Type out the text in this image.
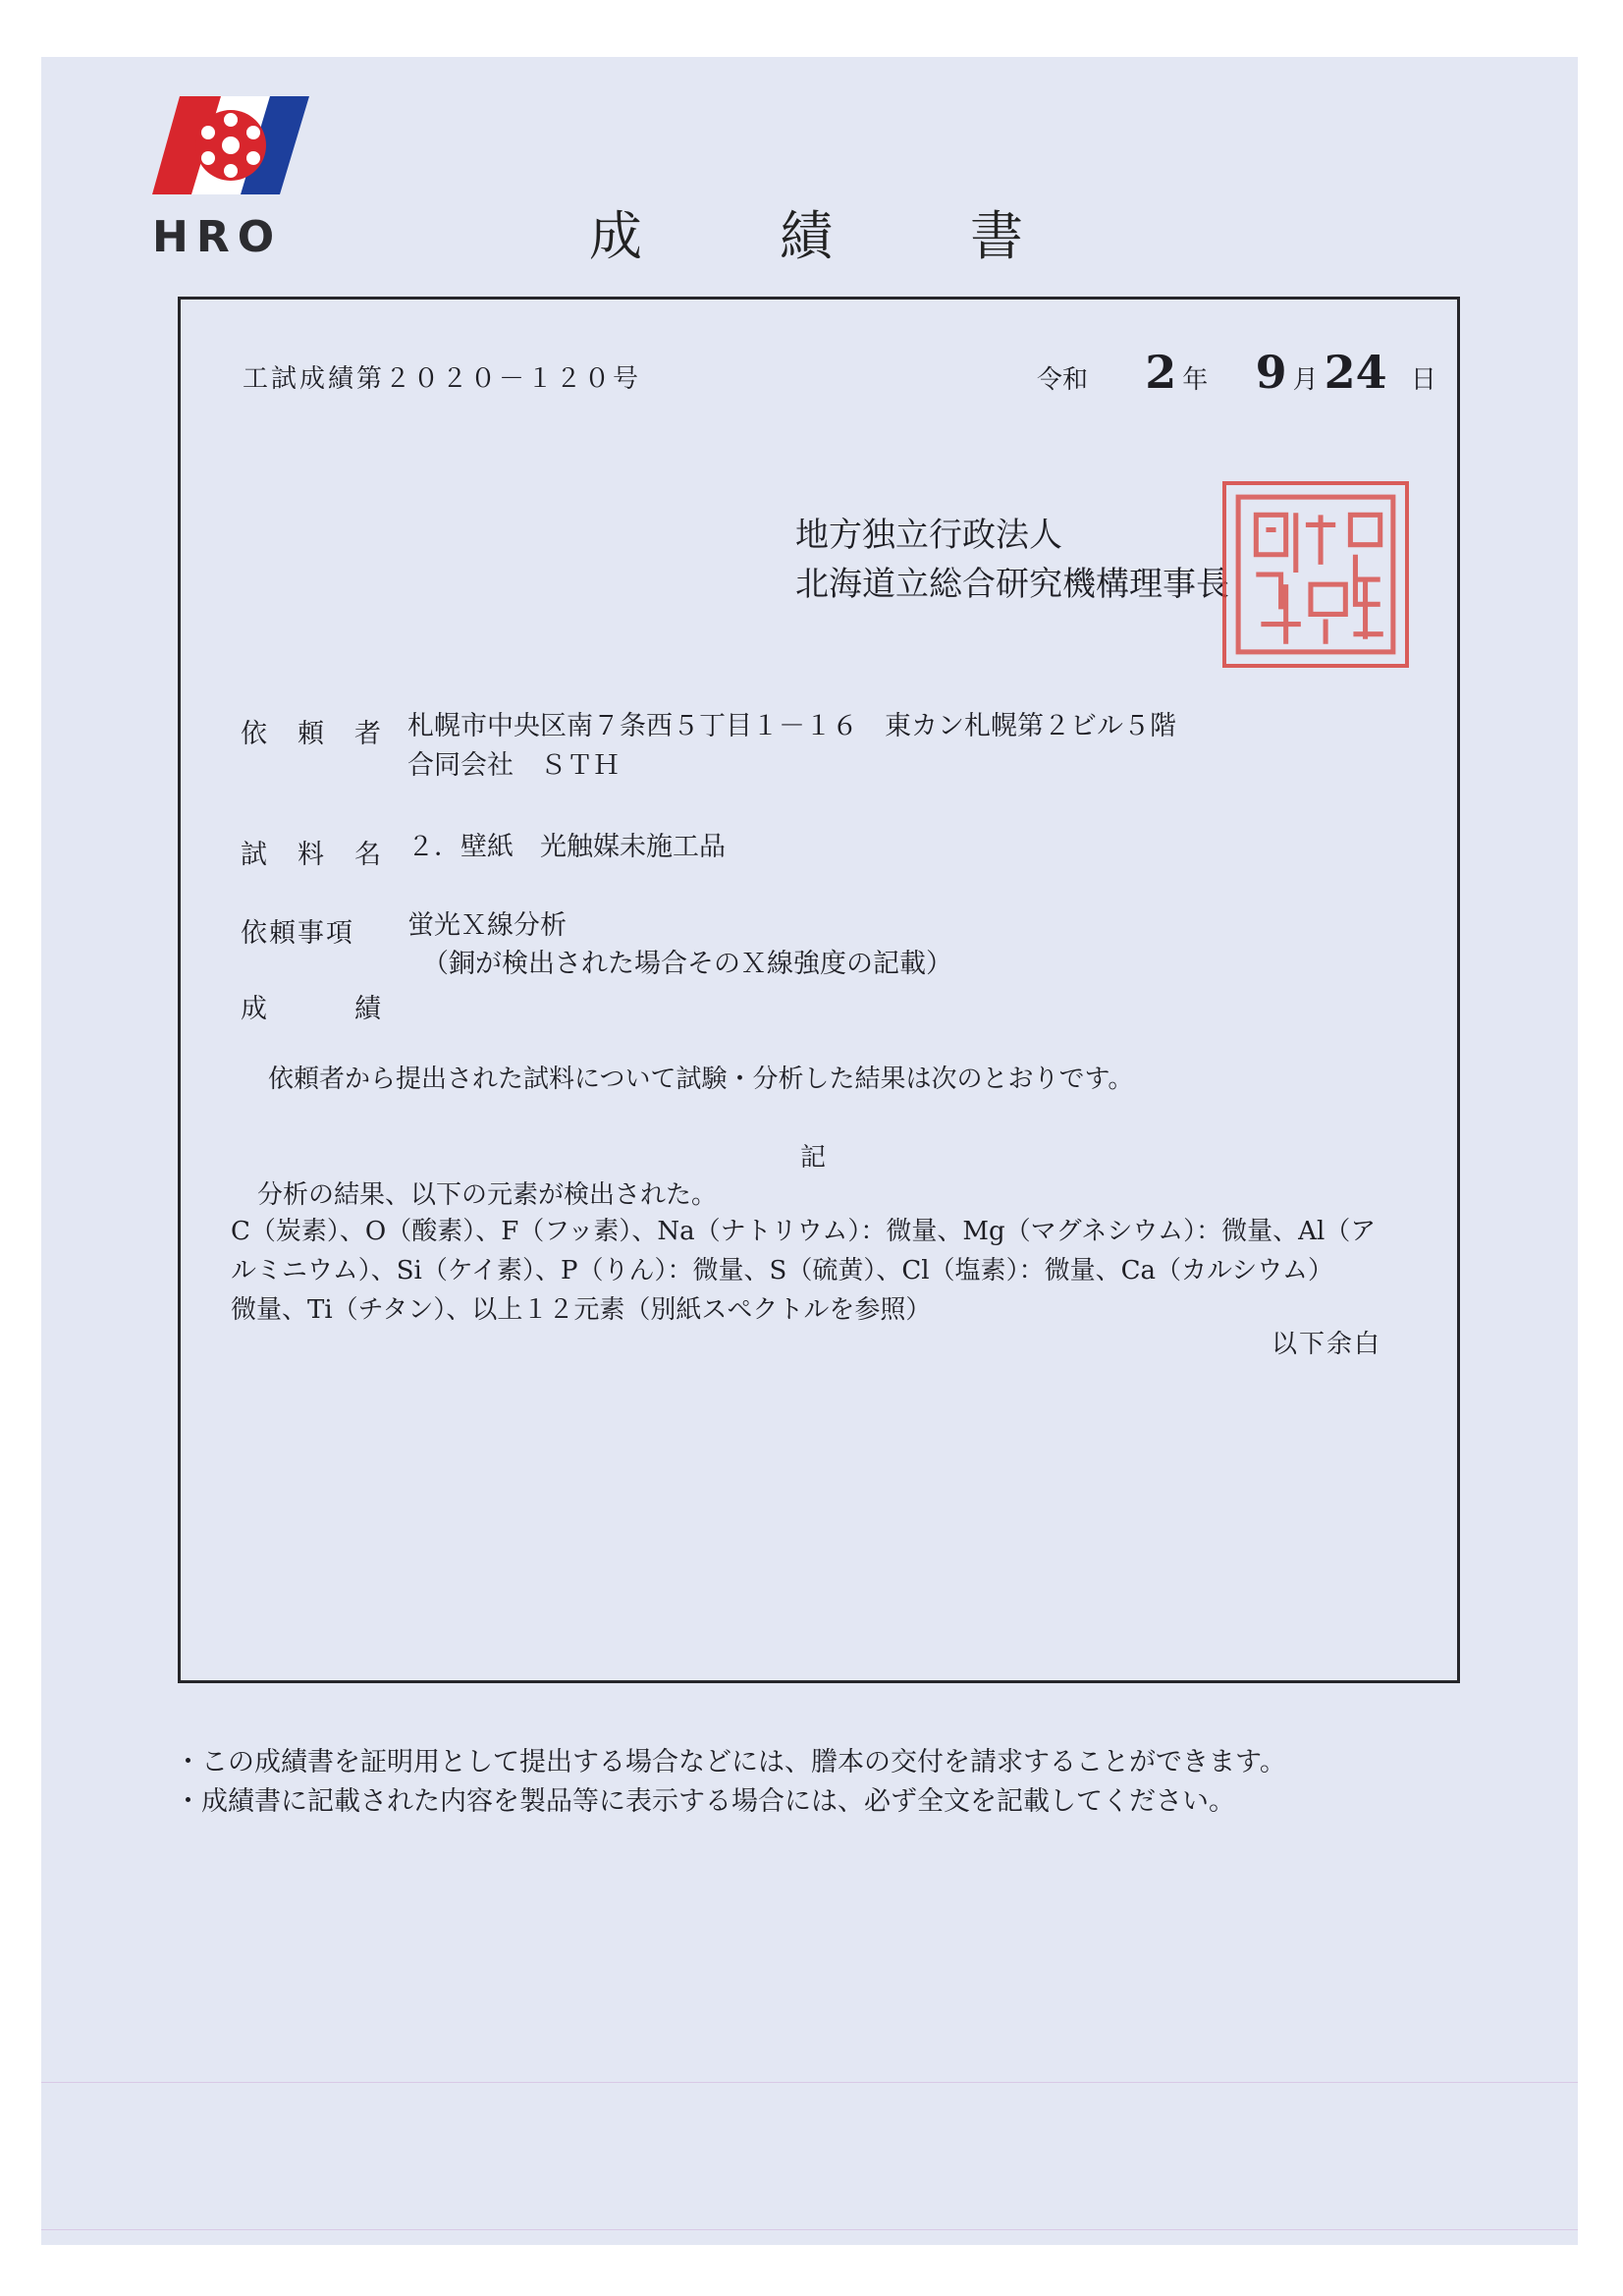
HRO	成績書
工試成績第２０２０－１２０号	令和 2 年 9 月 24 日
地方独立行政法人
北海道立総合研究機構理事長
依　頼　者 札幌市中央区南７条西５丁目１－１６　東カン札幌第２ビル５階
合同会社　ＳＴＨ
試　料　名 ２．壁紙　光触媒未施工品
依頼事項 蛍光Ｘ線分析
（銅が検出された場合そのＸ線強度の記載）
成　　　績
依頼者から提出された試料について試験・分析した結果は次のとおりです。
記
分析の結果、以下の元素が検出された。
C（炭素）、O（酸素）、F（フッ素）、Na（ナトリウム）：微量、Mg（マグネシウム）：微量、Al（ア
ルミニウム）、Si（ケイ素）、P（りん）：微量、S（硫黄）、Cl（塩素）：微量、Ca（カルシウム）
微量、Ti（チタン）、以上１２元素（別紙スペクトルを参照）
以下余白
・この成績書を証明用として提出する場合などには、謄本の交付を請求することができます。
・成績書に記載された内容を製品等に表示する場合には、必ず全文を記載してください。
